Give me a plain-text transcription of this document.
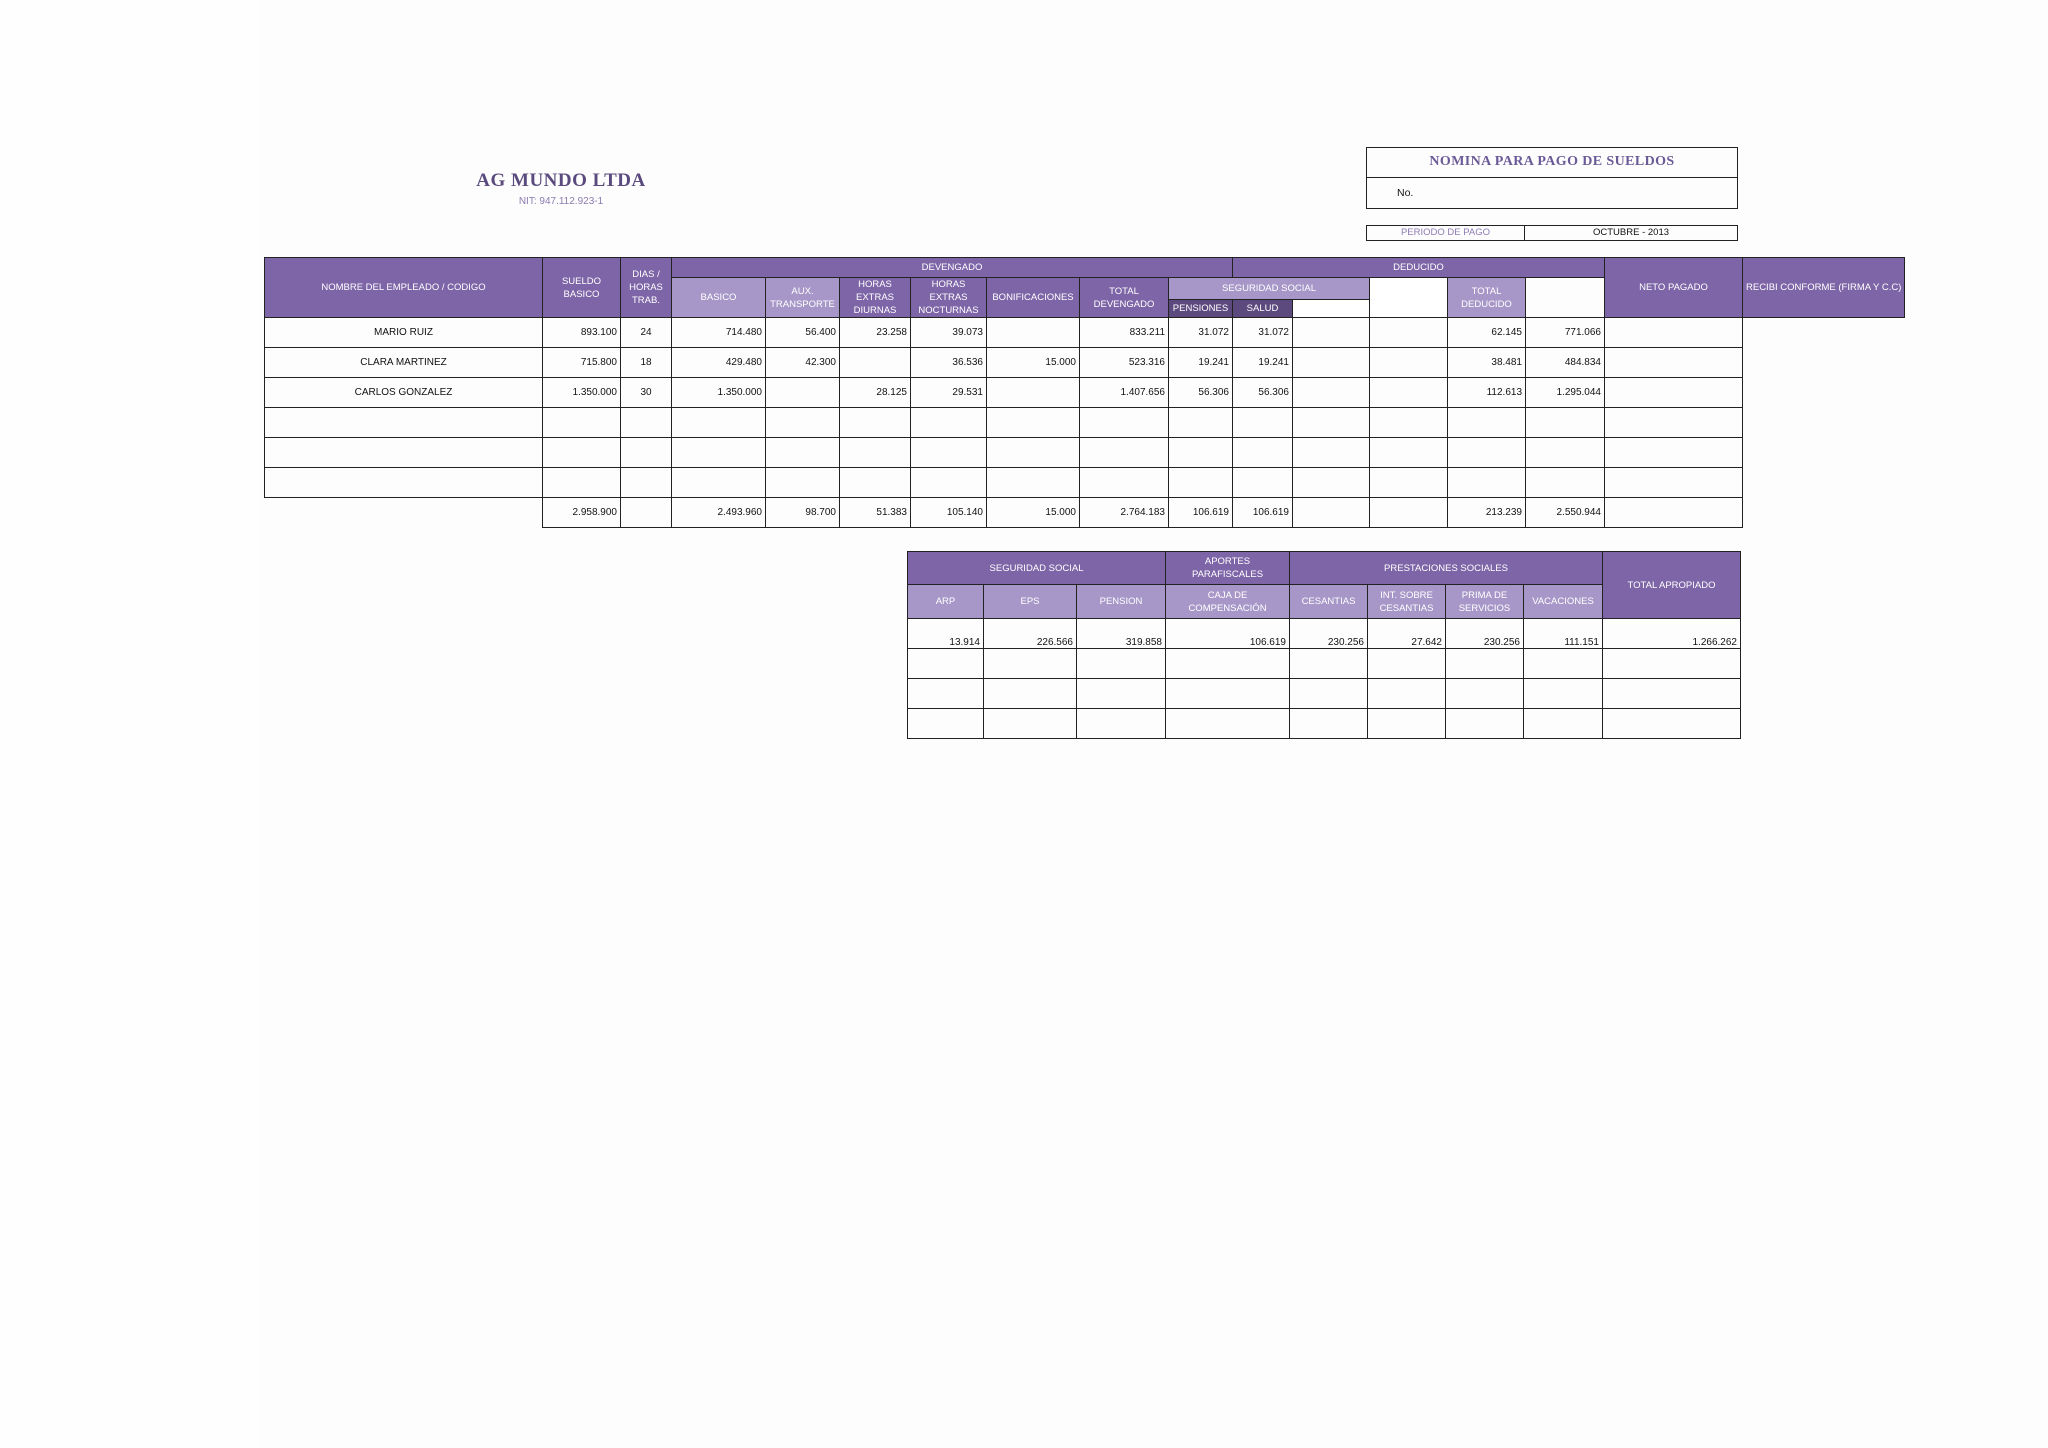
AG MUNDO LTDA
NIT: 947.112.923-1
NOMINA PARA PAGO DE SUELDOS
No.
PERIODO DE PAGO	OCTUBRE - 2013
NOMBRE DEL EMPLEADO / CODIGO	SUELDO BASICO	DIAS / HORAS TRAB.	DEVENGADO							DEDUCIDO					NETO PAGADO	RECIBI CONFORME (FIRMA Y C.C)
			BASICO	AUX. TRANSPORTE	HORAS EXTRAS DIURNAS	HORAS EXTRAS NOCTURNAS	BONIFICACIONES	TOTAL DEVENGADO	SEGURIDAD SOCIAL				TOTAL DEDUCIDO			
									PENSIONES	SALUD						
MARIO RUIZ	893.100	24	714.480	56.400	23.258	39.073		833.211	31.072	31.072			62.145	771.066		
CLARA MARTINEZ	715.800	18	429.480	42.300		36.536	15.000	523.316	19.241	19.241			38.481	484.834		
CARLOS GONZALEZ	1.350.000	30	1.350.000		28.125	29.531		1.407.656	56.306	56.306			112.613	1.295.044		

	2.958.900		2.493.960	98.700	51.383	105.140	15.000	2.764.183	106.619	106.619			213.239	2.550.944		
SEGURIDAD SOCIAL			APORTES PARAFISCALES	PRESTACIONES SOCIALES				TOTAL APROPIADO
ARP	EPS	PENSION	CAJA DE COMPENSACIÓN	CESANTIAS	INT. SOBRE CESANTIAS	PRIMA DE SERVICIOS	VACACIONES	
13.914	226.566	319.858	106.619	230.256	27.642	230.256	111.151	1.266.262
